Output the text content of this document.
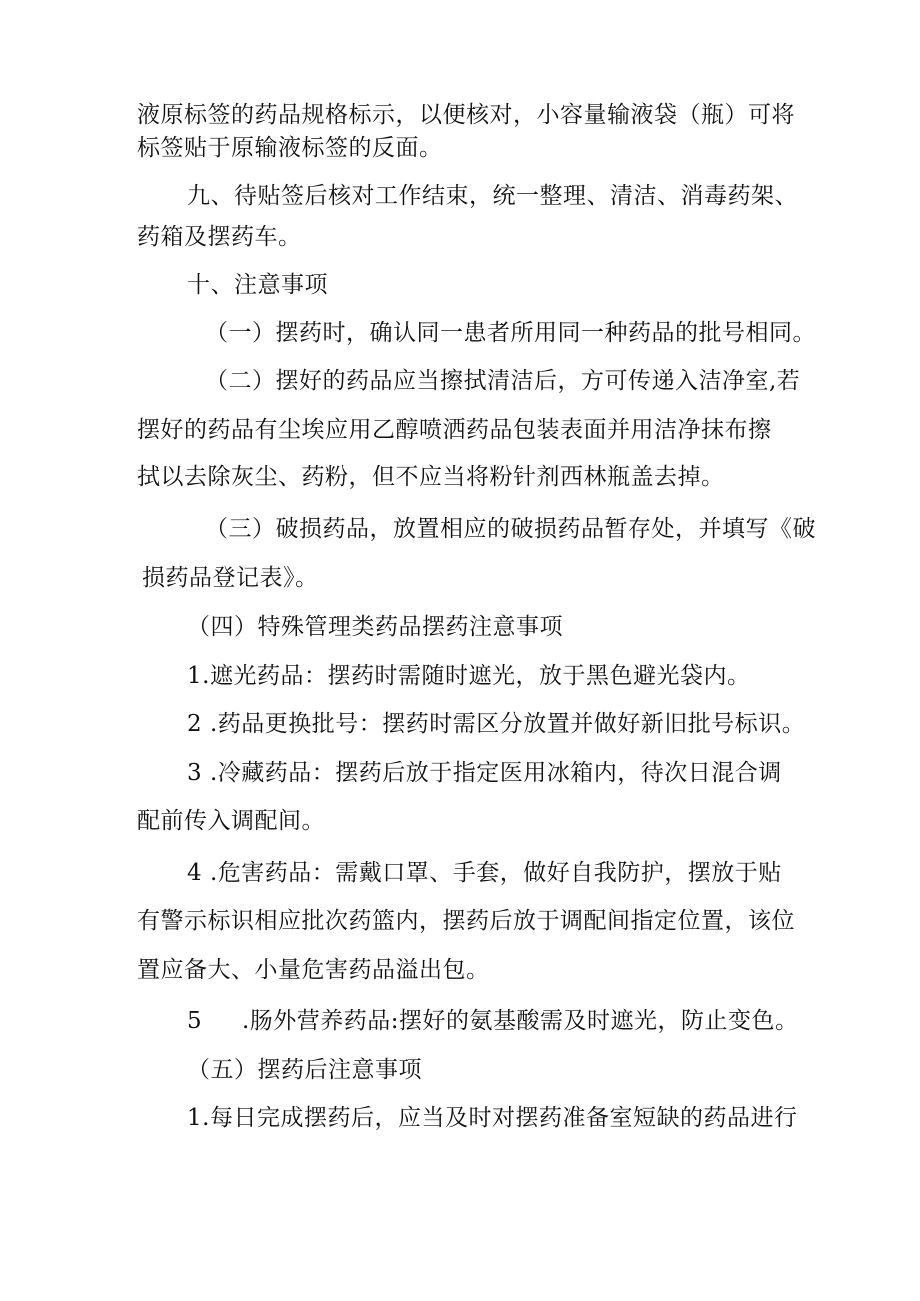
液原标签的药品规格标示，以便核对，小容量输液袋（瓶）可将
标签贴于原输液标签的反面。
九、待贴签后核对工作结束，统一整理、清洁、消毒药架、
药箱及摆药车。
十、注意事项
（一）摆药时，确认同一患者所用同一种药品的批号相同。
（二）摆好的药品应当擦拭清洁后，方可传递入洁净室,若
摆好的药品有尘埃应用乙醇喷洒药品包装表面并用洁净抹布擦
拭以去除灰尘、药粉，但不应当将粉针剂西林瓶盖去掉。
（三）破损药品，放置相应的破损药品暂存处，并填写《破
损药品登记表》。
（四）特殊管理类药品摆药注意事项
1.遮光药品：摆药时需随时遮光，放于黑色避光袋内。
2 .药品更换批号：摆药时需区分放置并做好新旧批号标识。
3 .冷藏药品：摆药后放于指定医用冰箱内，待次日混合调
配前传入调配间。
4 .危害药品：需戴口罩、手套，做好自我防护，摆放于贴
有警示标识相应批次药篮内，摆药后放于调配间指定位置，该位
置应备大、小量危害药品溢出包。
5 .肠外营养药品:摆好的氨基酸需及时遮光，防止变色。
（五）摆药后注意事项
1.每日完成摆药后，应当及时对摆药准备室短缺的药品进行
